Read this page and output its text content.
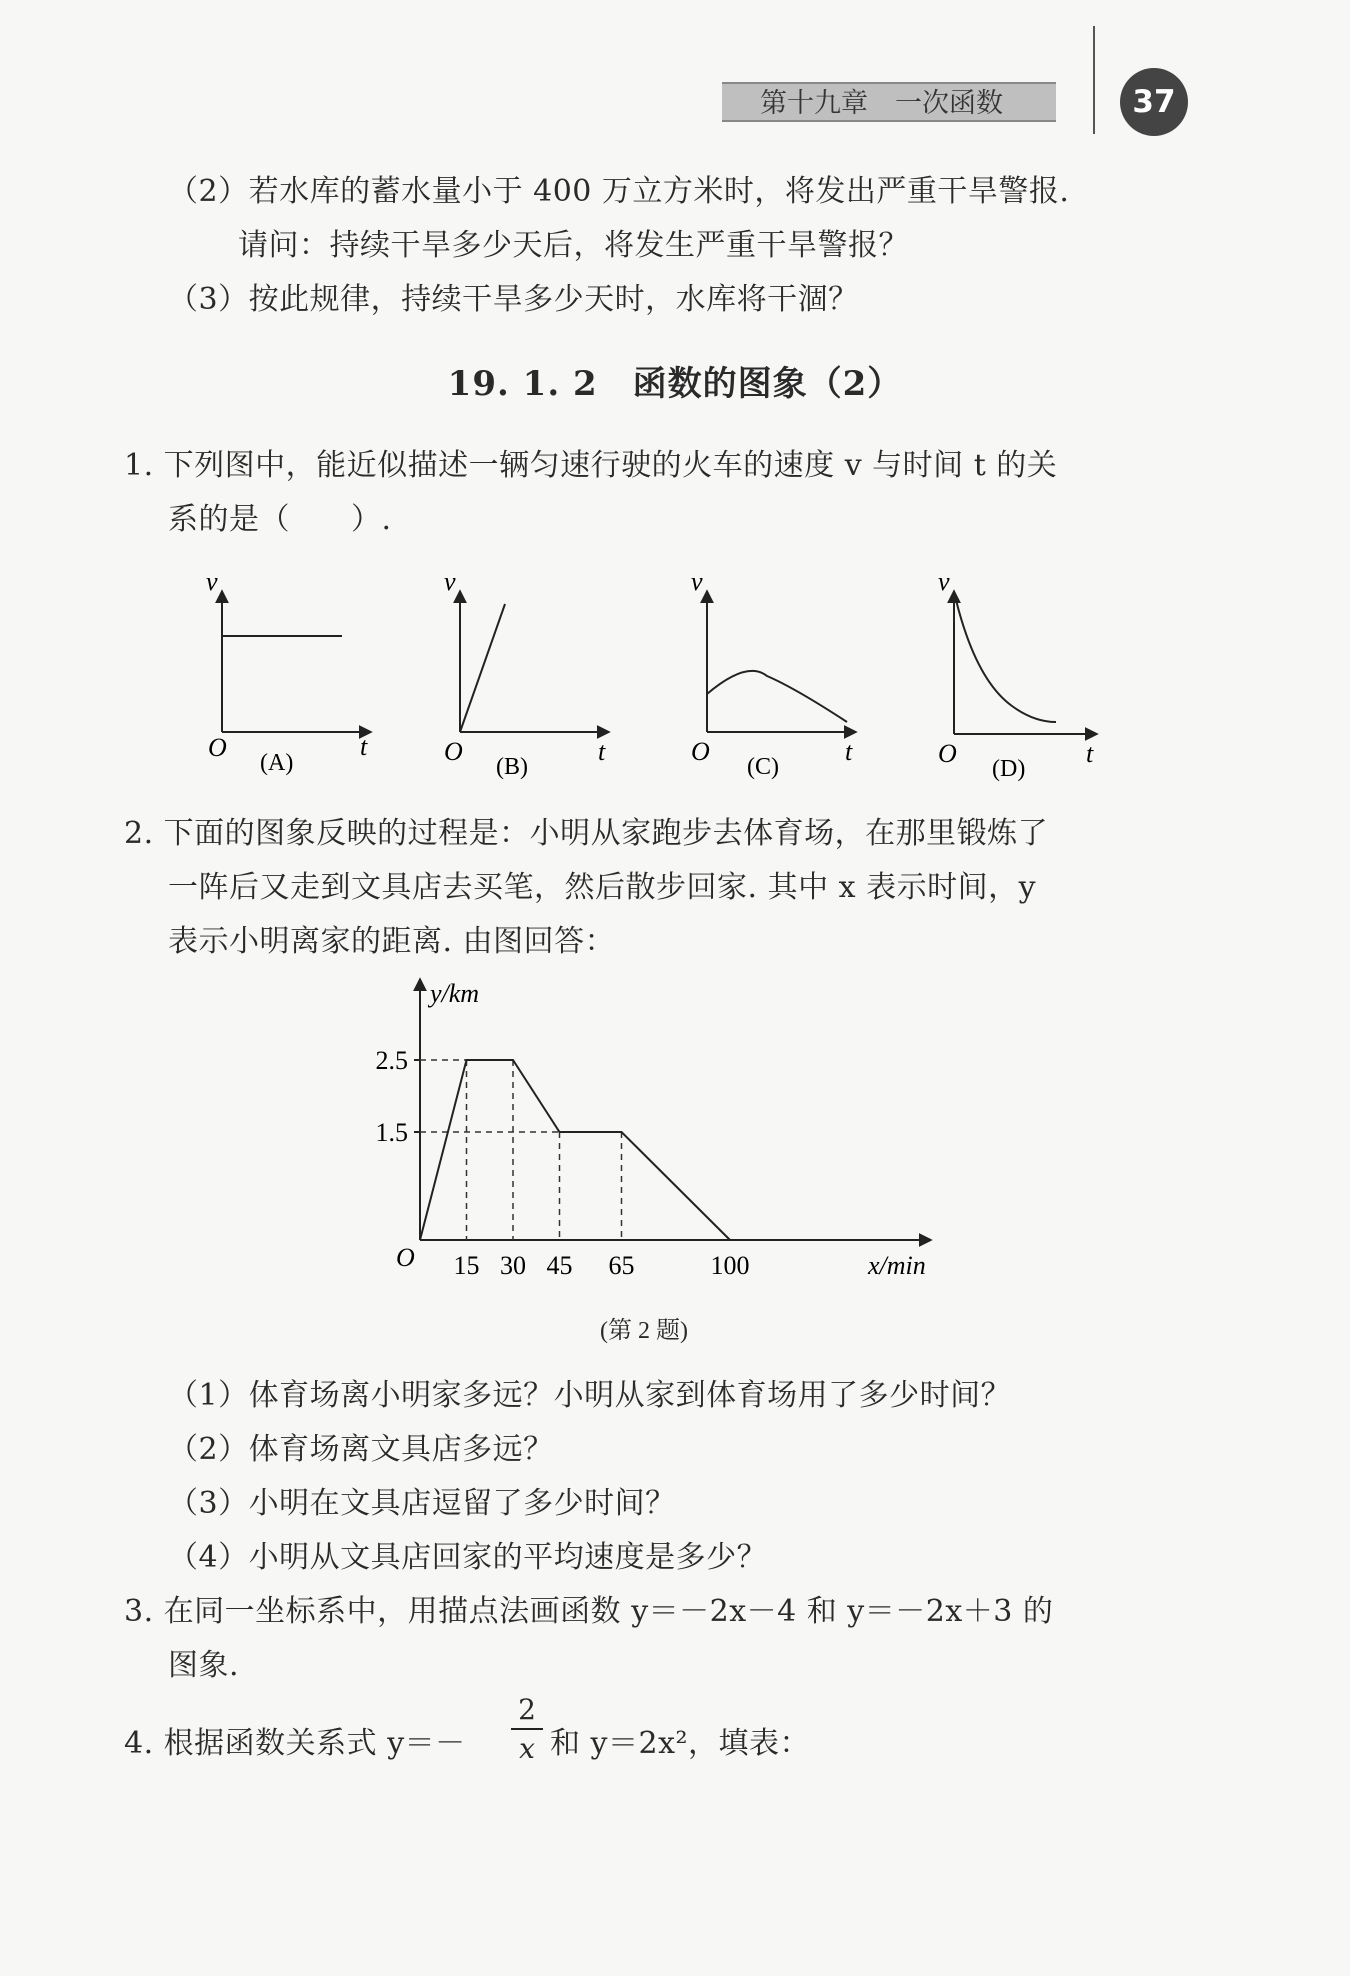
第十九章　一次函数	37
（2）若水库的蓄水量小于 400 万立方米时，将发出严重干旱警报.
请问：持续干旱多少天后，将发生严重干旱警报？
（3）按此规律，持续干旱多少天时，水库将干涸？
19. 1. 2　函数的图象（2）
1. 下列图中，能近似描述一辆匀速行驶的火车的速度 v 与时间 t 的关
系的是（　　）.
v
t
O
(A)
v
t
O
(B)
v
t
O
(C)
v
t
O
(D)
2. 下面的图象反映的过程是：小明从家跑步去体育场，在那里锻炼了
一阵后又走到文具店去买笔，然后散步回家. 其中 x 表示时间，y
表示小明离家的距离. 由图回答：
y/km
x/min
O
2.5
1.5
15 30 45 65	100
(第 2 题)
（1）体育场离小明家多远？小明从家到体育场用了多少时间？
（2）体育场离文具店多远？
（3）小明在文具店逗留了多少时间？
（4）小明从文具店回家的平均速度是多少？
3. 在同一坐标系中，用描点法画函数 y＝－2x－4 和 y＝－2x＋3 的
图象.
4. 根据函数关系式 y＝－
2
x 和 y＝2x²，填表：
